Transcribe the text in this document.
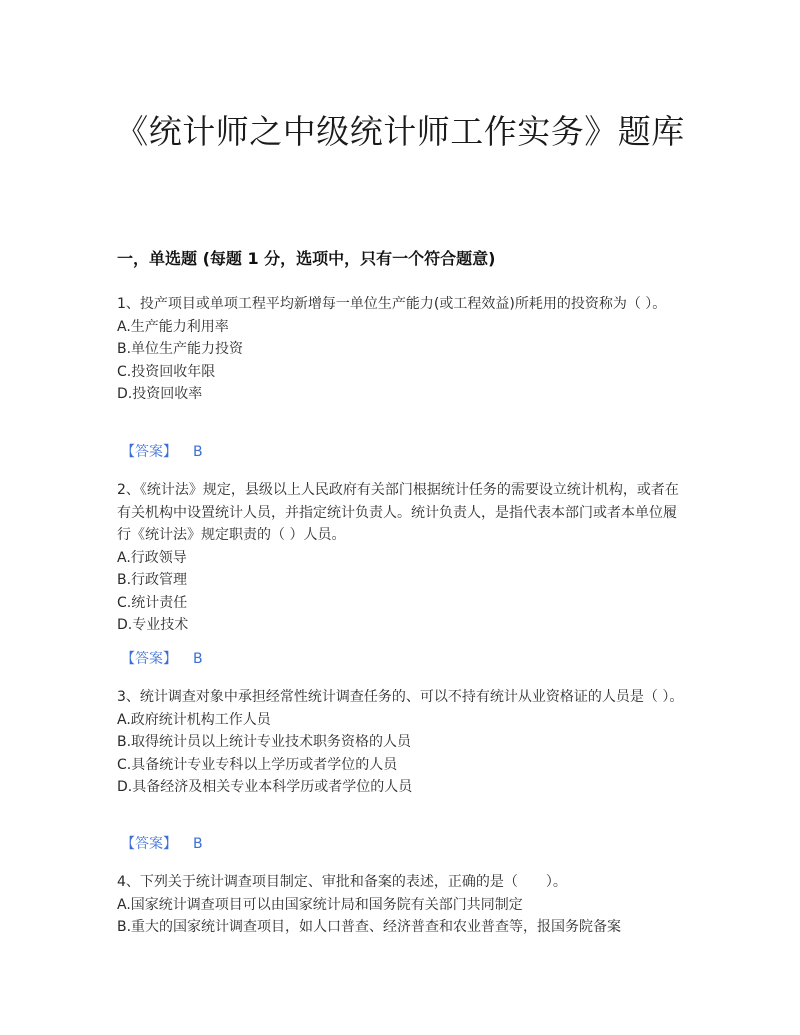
《统计师之中级统计师工作实务》题库
一，单选题 (每题 1 分，选项中，只有一个符合题意)

1、投产项目或单项工程平均新增每一单位生产能力(或工程效益)所耗用的投资称为（ ）。

A.生产能力利用率

B.单位生产能力投资

C.投资回收年限

D.投资回收率

【答案】 B

2、《统计法》规定，县级以上人民政府有关部门根据统计任务的需要设立统计机构，或者在有关机构中设置统计人员，并指定统计负责人。统计负责人，是指代表本部门或者本单位履行《统计法》规定职责的（ ）人员。

A.行政领导

B.行政管理

C.统计责任

D.专业技术

【答案】 B

3、统计调查对象中承担经常性统计调查任务的、可以不持有统计从业资格证的人员是（ ）。

A.政府统计机构工作人员

B.取得统计员以上统计专业技术职务资格的人员

C.具备统计专业专科以上学历或者学位的人员

D.具备经济及相关专业本科学历或者学位的人员

【答案】 B

4、下列关于统计调查项目制定、审批和备案的表述，正确的是（　　）。

A.国家统计调查项目可以由国家统计局和国务院有关部门共同制定

B.重大的国家统计调查项目，如人口普查、经济普查和农业普查等，报国务院备案
